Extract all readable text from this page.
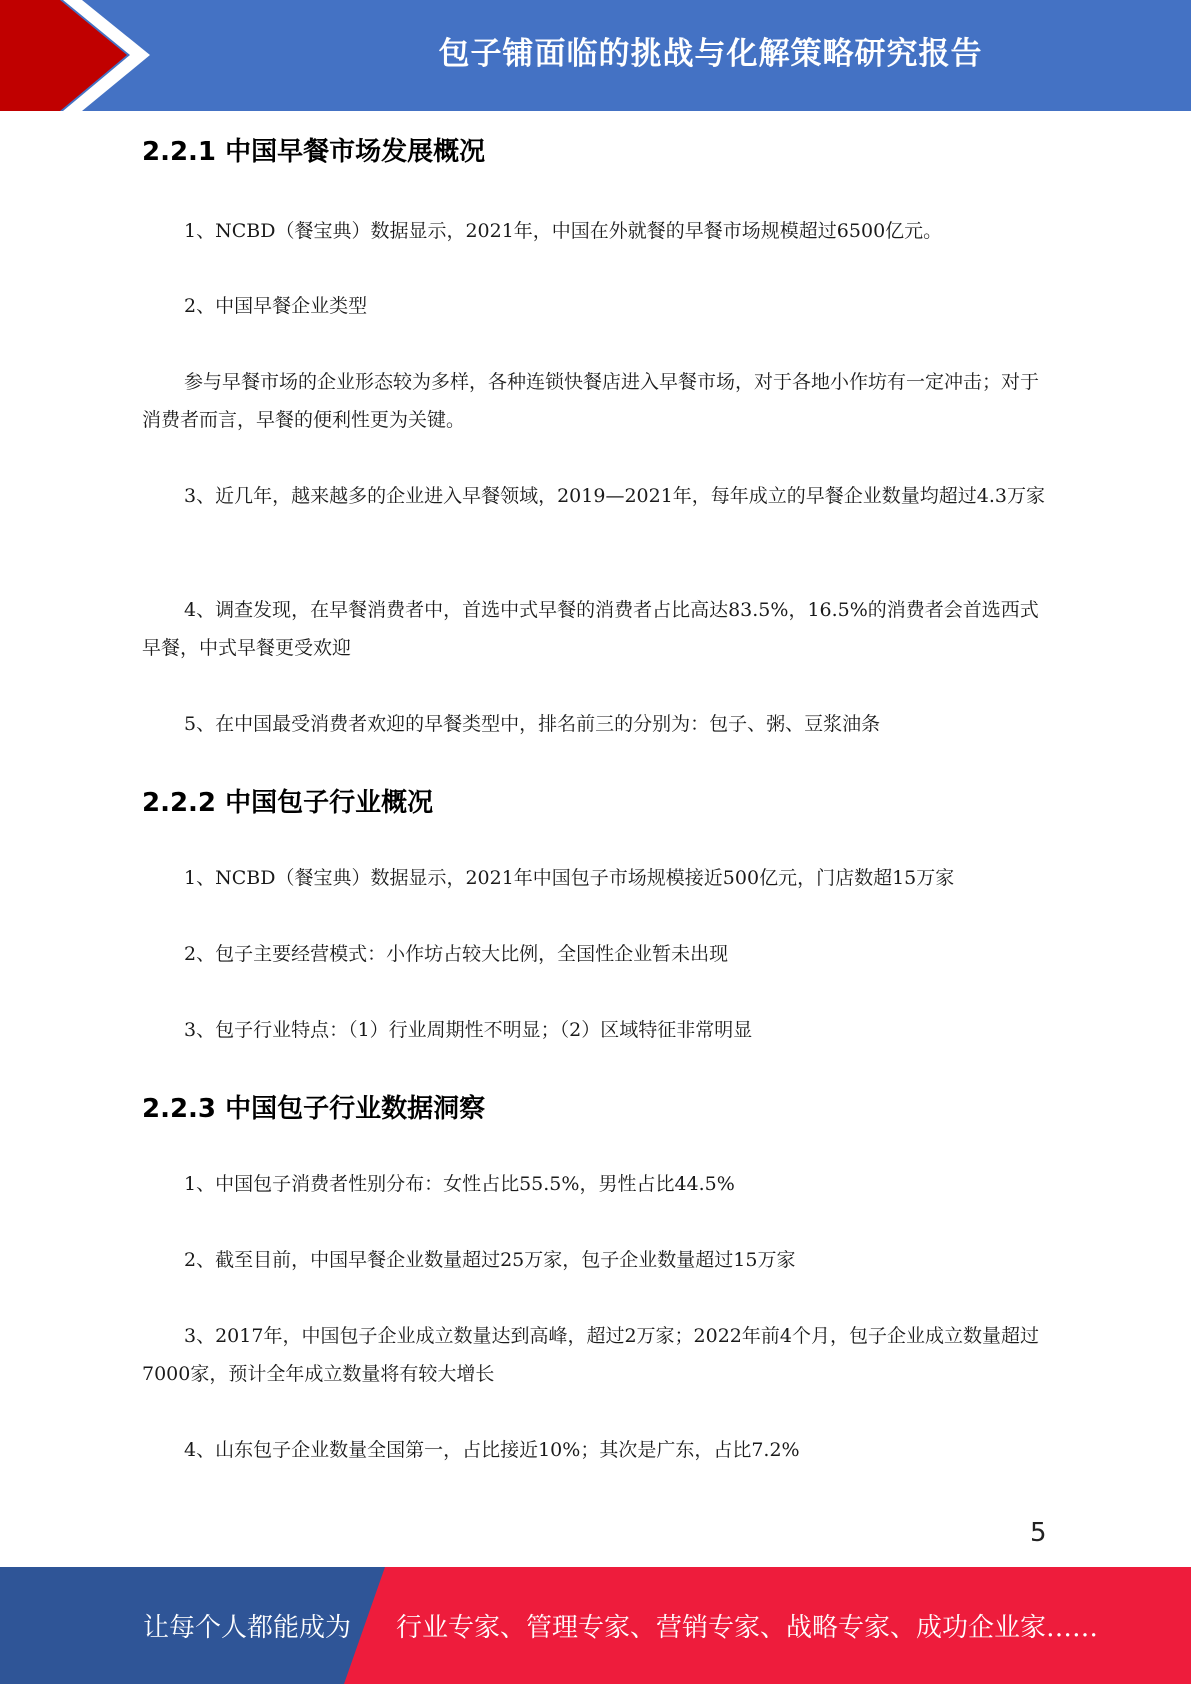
包子铺面临的挑战与化解策略研究报告
2.2.1 中国早餐市场发展概况
1、NCBD（餐宝典）数据显示，2021年，中国在外就餐的早餐市场规模超过6500亿元。
2、中国早餐企业类型
参与早餐市场的企业形态较为多样，各种连锁快餐店进入早餐市场，对于各地小作坊有一定冲击；对于消费者而言，早餐的便利性更为关键。
3、近几年，越来越多的企业进入早餐领域，2019—2021年，每年成立的早餐企业数量均超过4.3万家
4、调查发现，在早餐消费者中，首选中式早餐的消费者占比高达83.5%，16.5%的消费者会首选西式早餐，中式早餐更受欢迎
5、在中国最受消费者欢迎的早餐类型中，排名前三的分别为：包子、粥、豆浆油条
2.2.2 中国包子行业概况
1、NCBD（餐宝典）数据显示，2021年中国包子市场规模接近500亿元，门店数超15万家
2、包子主要经营模式：小作坊占较大比例，全国性企业暂未出现
3、包子行业特点：（1）行业周期性不明显；（2）区域特征非常明显
2.2.3 中国包子行业数据洞察
1、中国包子消费者性别分布：女性占比55.5%，男性占比44.5%
2、截至目前，中国早餐企业数量超过25万家，包子企业数量超过15万家
3、2017年，中国包子企业成立数量达到高峰，超过2万家；2022年前4个月，包子企业成立数量超过7000家，预计全年成立数量将有较大增长
4、山东包子企业数量全国第一，占比接近10%；其次是广东，占比7.2%
5
让每个人都能成为 行业专家、管理专家、营销专家、战略专家、成功企业家……
